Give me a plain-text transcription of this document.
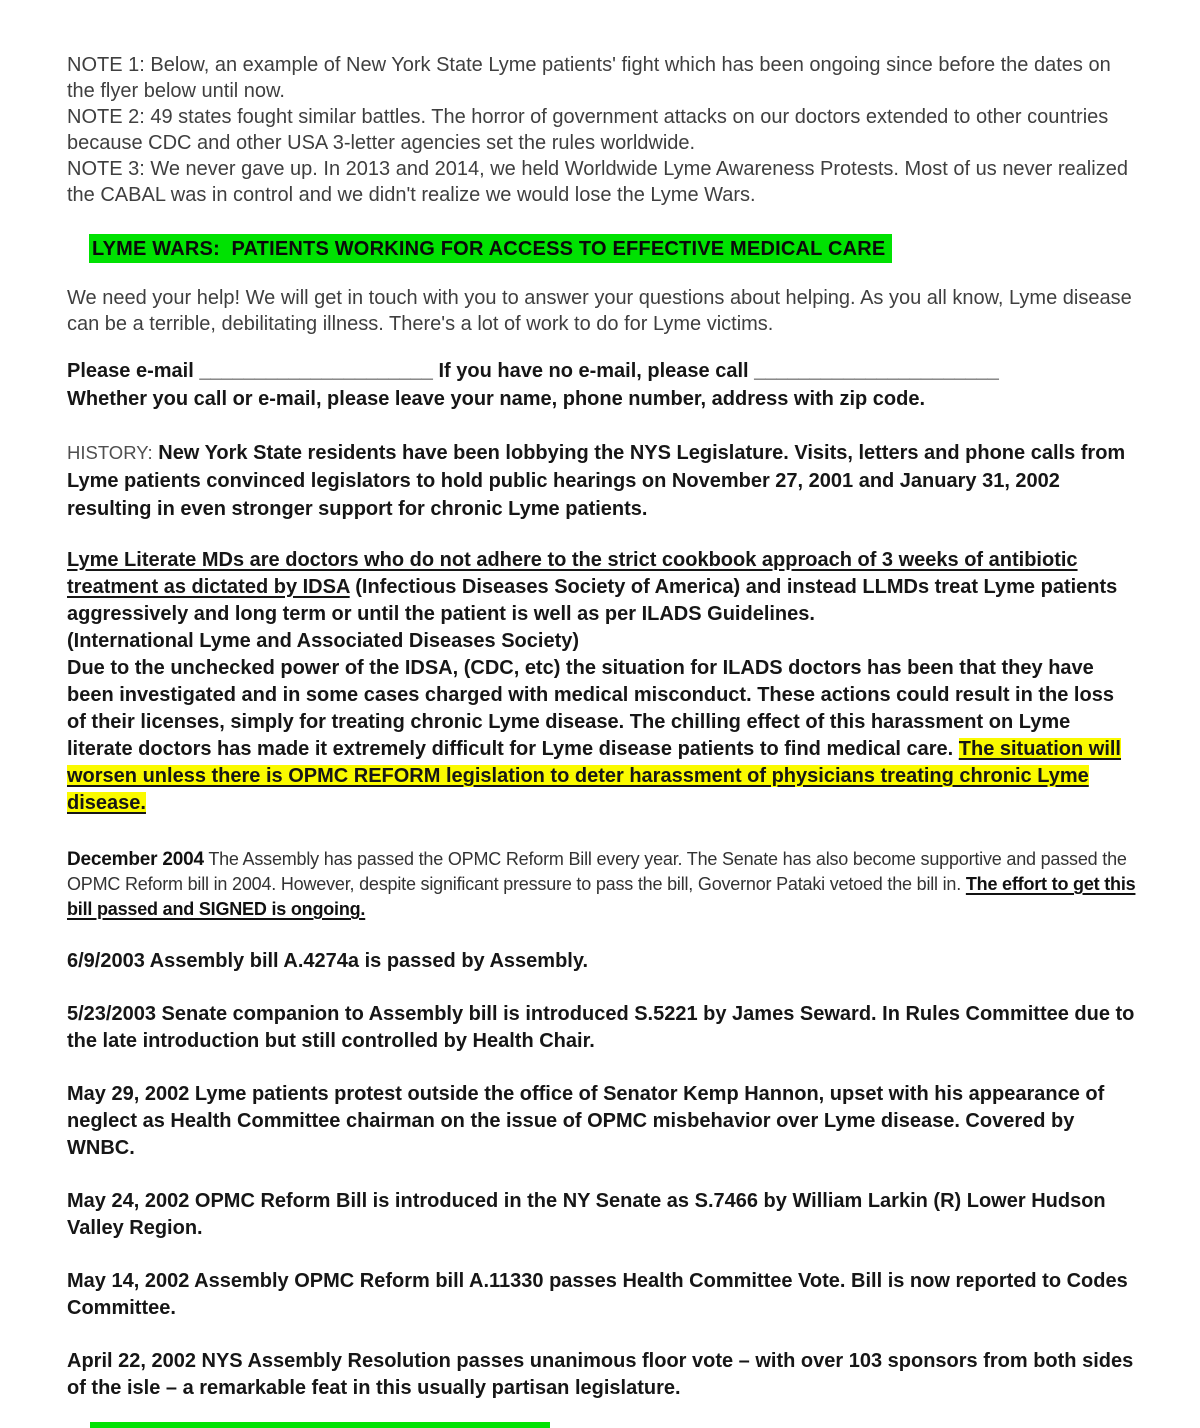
NOTE 1: Below, an example of New York State Lyme patients' fight which has been ongoing since before the dates on the flyer below until now.
NOTE 2: 49 states fought similar battles. The horror of government attacks on our doctors extended to other countries because CDC and other USA 3-letter agencies set the rules worldwide.
NOTE 3: We never gave up. In 2013 and 2014, we held Worldwide Lyme Awareness Protests. Most of us never realized the CABAL was in control and we didn't realize we would lose the Lyme Wars.
LYME WARS:  PATIENTS WORKING FOR ACCESS TO EFFECTIVE MEDICAL CARE
We need your help! We will get in touch with you to answer your questions about helping. As you all know, Lyme disease can be a terrible, debilitating illness. There's a lot of work to do for Lyme victims.
Please e-mail _____________________ If you have no e-mail, please call ______________________
Whether you call or e-mail, please leave your name, phone number, address with zip code.
HISTORY: New York State residents have been lobbying the NYS Legislature. Visits, letters and phone calls from Lyme patients convinced legislators to hold public hearings on November 27, 2001 and January 31, 2002 resulting in even stronger support for chronic Lyme patients.
Lyme Literate MDs are doctors who do not adhere to the strict cookbook approach of 3 weeks of antibiotic treatment as dictated by IDSA (Infectious Diseases Society of America) and instead LLMDs treat Lyme patients aggressively and long term or until the patient is well as per ILADS Guidelines.
(International Lyme and Associated Diseases Society)
Due to the unchecked power of the IDSA, (CDC, etc) the situation for ILADS doctors has been that they have been investigated and in some cases charged with medical misconduct. These actions could result in the loss of their licenses, simply for treating chronic Lyme disease. The chilling effect of this harassment on Lyme literate doctors has made it extremely difficult for Lyme disease patients to find medical care. The situation will worsen unless there is OPMC REFORM legislation to deter harassment of physicians treating chronic Lyme disease.
December 2004 The Assembly has passed the OPMC Reform Bill every year. The Senate has also become supportive and passed the OPMC Reform bill in 2004. However, despite significant pressure to pass the bill, Governor Pataki vetoed the bill in. The effort to get this bill passed and SIGNED is ongoing.
6/9/2003 Assembly bill A.4274a is passed by Assembly.
5/23/2003 Senate companion to Assembly bill is introduced S.5221 by James Seward. In Rules Committee due to the late introduction but still controlled by Health Chair.
May 29, 2002 Lyme patients protest outside the office of Senator Kemp Hannon, upset with his appearance of neglect as Health Committee chairman on the issue of OPMC misbehavior over Lyme disease. Covered by WNBC.
May 24, 2002 OPMC Reform Bill is introduced in the NY Senate as S.7466 by William Larkin (R) Lower Hudson Valley Region.
May 14, 2002 Assembly OPMC Reform bill A.11330 passes Health Committee Vote. Bill is now reported to Codes Committee.
April 22, 2002 NYS Assembly Resolution passes unanimous floor vote – with over 103 sponsors from both sides of the isle – a remarkable feat in this usually partisan legislature.
